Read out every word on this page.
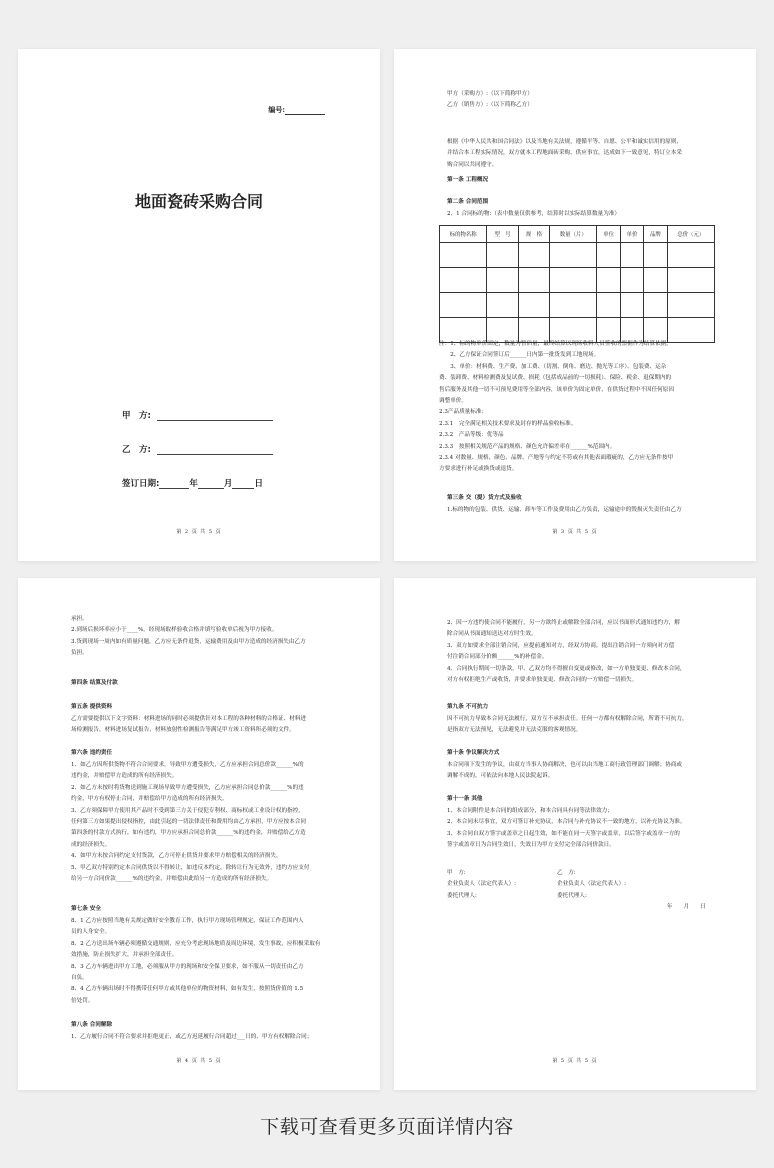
编号:
地面瓷砖采购合同
甲　方:
乙　方:
签订日期:	年	月	日
第 2 页 共 5 页
甲方（采购方）:（以下简称甲方）
乙方（销售方）:（以下简称乙方）
根据《中华人民共和国合同法》以及当地有关法规，遵循平等、自愿、公平和诚实信用的原则，
并结合本工程实际情况，双方就本工程地面砖采购、供应事宜，达成如下一致意见，特订立本采
购合同以共同遵守。
第一条 工程概况
第二条 合同范围
2、1 合同标的物:（表中数量仅供参考，结算时以实际结算数量为准）
标的物名称	型　号	规　格	数量（片）	单位	单价	品牌	总价（元）

注：1、标的物单价固定，数量为暂估量，最终结算以现场收料人员签收的票据作为结算依据。
　　2、乙方保证合同签订后______日内第一批货发到工地现场。
　　3、单价：材料费、生产费、加工费、（切割、倒角、磨边、抛光等工序）、包装费、运杂
费、装卸费、材料检测费及复试费、损耗（包括成品前的一切损耗）、保险、税金、退保期内的
售后服务及其他一切不可预见费用等全部内容，该单价为固定单价，在供货过程中不因任何原因
调整单价。
2.3产品质量标准：
2.3.1　完全满足相关技术要求及封存的样品验收标准。
2.3.2　产品等级：优等品
2.3.3　按照相关规范产品的规格、颜色允许偏差率在______%范围内。
2.3.4 对数量、规格、颜色、品牌、产地等与约定不符或有其他表面瑕疵的，乙方应无条件按甲
方要求进行补足或换货或退货。
第三条 交（提）货方式及验收
1.标的物的包装、供货、运输、卸车等工作及费用由乙方负责，运输途中的毁损灭失责任由乙方
第 3 页 共 5 页
承担。
2.到场后损坏率应小于____%，经现场取样验收合格并填写验收单后视为甲方接收。
3.货到现场一周内如有质量问题，乙方应无条件退货，运输费用及由甲方造成的经济损失由乙方
负担。
第四条 结算及付款
第五条 提供资料
乙方需要提供以下文字资料：材料进场的同时必须提供针对本工程的各种材料的合格证、材料进
场检测报告，材料进场复试报告，材料放射性检测报告等满足甲方竣工资料所必须的文件。
第六条 违约责任
1、如乙方因所供货物不符合合同要求，导致甲方遭受损失，乙方应承担合同总价款______%的
违约金，并赔偿甲方造成的所有经济损失。
2、如乙方未按时将货物送到施工现场导致甲方遭受损失，乙方应承担合同总价款______%的违
约金，甲方有权停止合同，并赔偿给甲方造成的所有经济损失。
3、乙方须保障甲方使用其产品时不受到第三方关于侵犯专利权、商标权或工业设计权的指控，
任何第三方如果提出侵权指控，由此引起的一切法律责任和费用均由乙方承担，甲方应按本合同
第四条的付款方式执行，如有违约，甲方应承担合同总价款______%的违约金，并赔偿给乙方造
成的经济损失。
4、如甲方未按合同约定支付货款，乙方可停止供货并要求甲方赔偿相关的经济损失。
5、甲乙双方特别约定本合同供货以不得转让，如违反本约定，除转让行为无效外，违约方应支付
给另一方合同价款______%的违约金，并赔偿由此给另一方造成的所有经济损失。
第七条 安全
8、1 乙方应按照当地有关规定做好安全教育工作，执行甲方现场管理规定，保证工作范围内人
员的人身安全。
8、2 乙方送出场车辆必须遵循交通规则，应充分考虑现场地质及周边环境，发生事故，应积极采取有
效措施，防止损失扩大，并承担全部责任。
8、3 乙方车辆进出甲方工地，必须服从甲方的现场和安全保卫要求，如不服从一切责任由乙方
自负。
8、4 乙方车辆出场时不得携带任何甲方或其他单位的物资材料，如有发生，按照货价值的 1.5
倍处罚。
第八条 合同解除
1、乙方履行合同不符合要求并拒绝更正，或乙方迟延履行合同超过___日的，甲方有权解除合同；
第 4 页 共 5 页
2、因一方违约使合同不能履行，另一方欲终止或解除全部合同，应以书面形式通知违约方，解
除合同从书面通知送达对方时生效。
3、双方如要求全部注销合同，应提前通知对方，经双方协商，提出注销合同一方须向对方偿
付注销合同部分价额______%的补偿金。
4、合同执行期间一切条款，甲、乙双方均不得擅自变更或修改，如一方单独变更、修改本合同，
对方有权拒绝生产或收货，并要求单独变更、修改合同的一方赔偿一切损失。
第九条 不可抗力
因不可抗力导致本合同无法履行，双方互不承担责任。任何一方都有权解除合同，所谓不可抗力，
是指双方无法预见，无法避免并无法克服的客观情况。
第十条 争议解决方式
本合同项下发生的争议，由双方当事人协商解决，也可以由当地工商行政管理部门调解；协商或
调解不成的，可依法向本地人民法院起诉。
第十一条 其他
1、本合同附件是本合同的组成部分，和本合同具有同等法律效力；
2、本合同未尽事宜，双方可签订补充协议，本合同与补充协议不一致的地方，以补充协议为准。
3、本合同自双方签字或盖章之日起生效，如不能在同一天签字或盖章，以后签字或盖章一方的
签字或盖章日为合同生效日，失效日为甲方支付完全部合同价款日。
甲　方:	乙　方:
企业负责人（法定代表人）:	企业负责人（法定代表人）:
委托代理人:	委托代理人:
年　　月　　日
第 5 页 共 5 页
下载可查看更多页面详情内容
